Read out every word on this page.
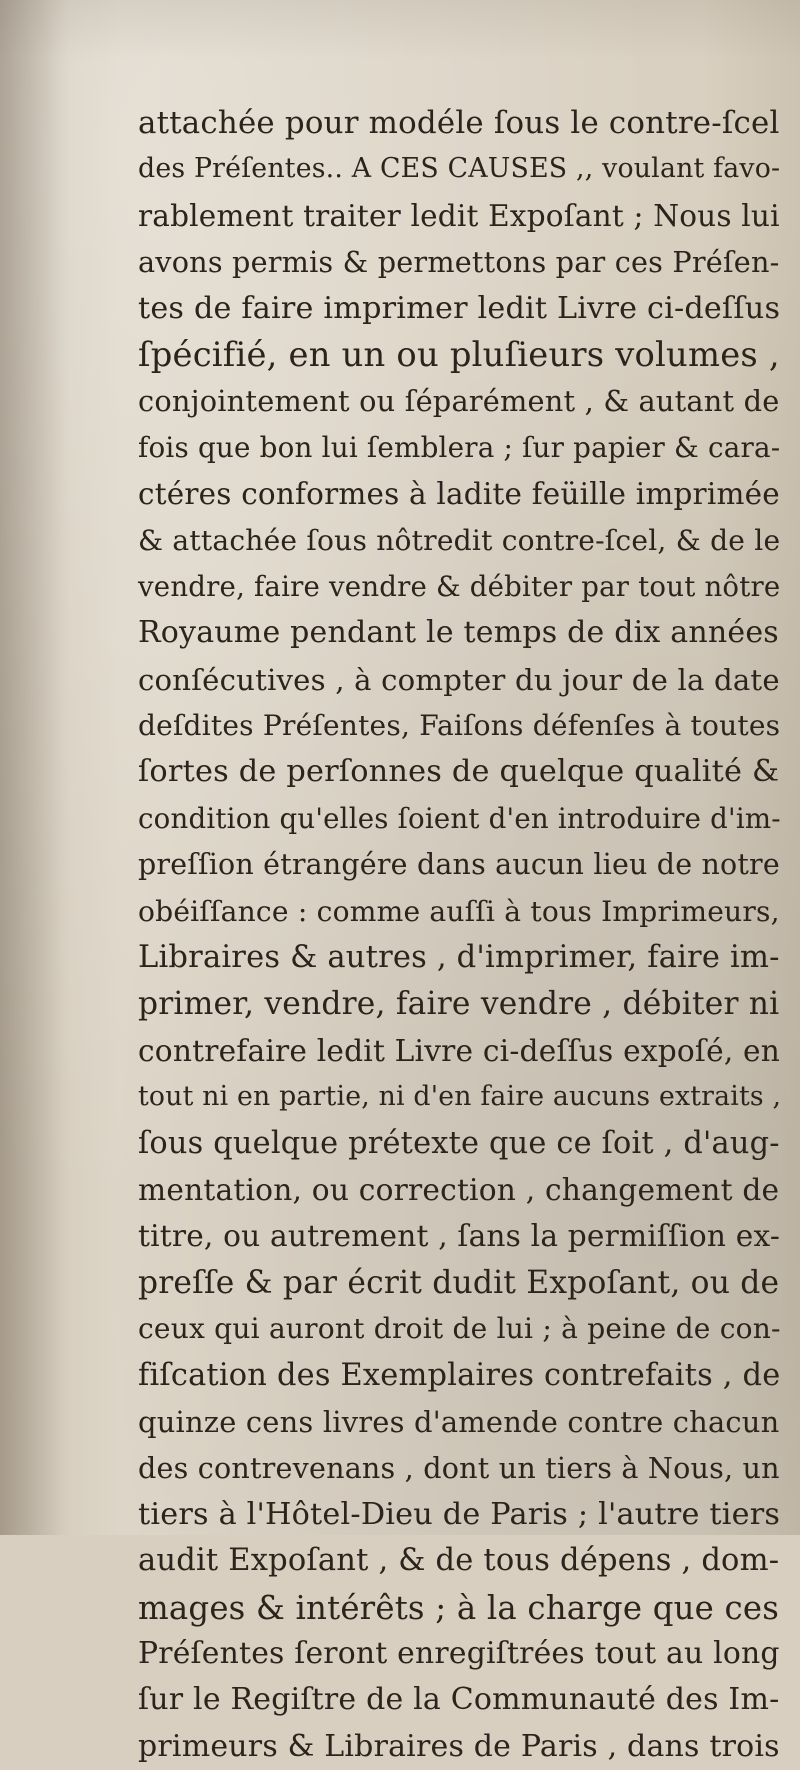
attachée pour modéle ſous le contre-ſcel
des Préſentes.. A CES CAUSES ,, voulant favo-
rablement traiter ledit Expoſant ; Nous lui
avons permis & permettons par ces Préſen-
tes de faire imprimer ledit Livre ci-deſſus
ſpécifié, en un ou pluſieurs volumes ,
conjointement ou ſéparément , & autant de
fois que bon lui ſemblera ; ſur papier & cara-
ctéres conformes à ladite feüille imprimée
& attachée ſous nôtredit contre-ſcel, & de le
vendre, faire vendre & débiter par tout nôtre
Royaume pendant le temps de dix années
conſécutives , à compter du jour de la date
deſdites Préſentes, Faiſons défenſes à toutes
ſortes de perſonnes de quelque qualité &
condition qu'elles ſoient d'en introduire d'im-
preſſion étrangére dans aucun lieu de notre
obéiſſance : comme auſſi à tous Imprimeurs,
Libraires & autres , d'imprimer, faire im-
primer, vendre, faire vendre , débiter ni
contrefaire ledit Livre ci-deſſus expoſé, en
tout ni en partie, ni d'en faire aucuns extraits ,
ſous quelque prétexte que ce ſoit , d'aug-
mentation, ou correction , changement de
titre, ou autrement , ſans la permiſſion ex-
preſſe & par écrit dudit Expoſant, ou de
ceux qui auront droit de lui ; à peine de con-
fiſcation des Exemplaires contrefaits , de
quinze cens livres d'amende contre chacun
des contrevenans , dont un tiers à Nous, un
tiers à l'Hôtel-Dieu de Paris ; l'autre tiers
audit Expoſant , & de tous dépens , dom-
mages & intérêts ; à la charge que ces
Préſentes ſeront enregiſtrées tout au long
ſur le Regiſtre de la Communauté des Im-
primeurs & Libraires de Paris , dans trois
